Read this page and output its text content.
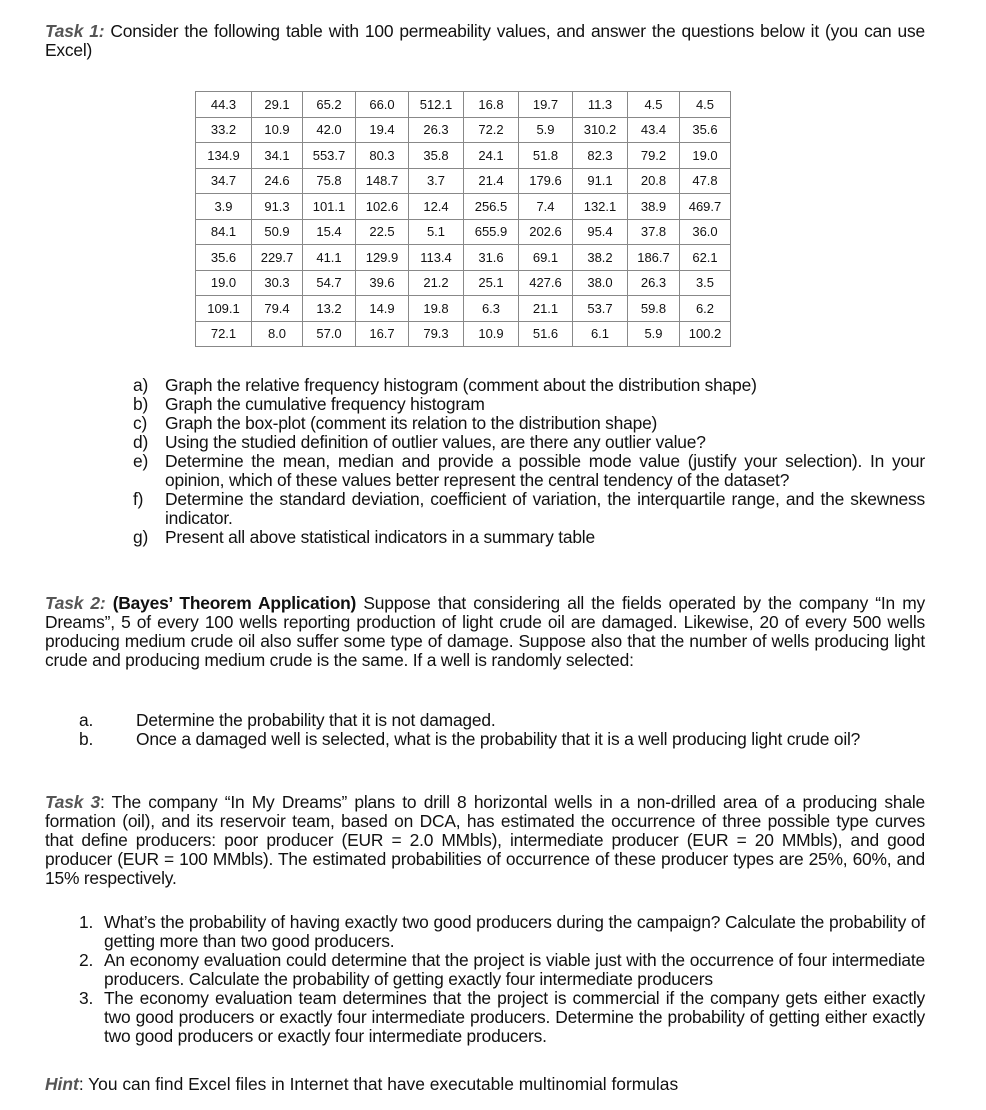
Task 1: Consider the following table with 100 permeability values, and answer the questions below it (you can use Excel)
44.3	29.1	65.2	66.0	512.1	16.8	19.7	11.3	4.5	4.5
33.2	10.9	42.0	19.4	26.3	72.2	5.9	310.2	43.4	35.6
134.9	34.1	553.7	80.3	35.8	24.1	51.8	82.3	79.2	19.0
34.7	24.6	75.8	148.7	3.7	21.4	179.6	91.1	20.8	47.8
3.9	91.3	101.1	102.6	12.4	256.5	7.4	132.1	38.9	469.7
84.1	50.9	15.4	22.5	5.1	655.9	202.6	95.4	37.8	36.0
35.6	229.7	41.1	129.9	113.4	31.6	69.1	38.2	186.7	62.1
19.0	30.3	54.7	39.6	21.2	25.1	427.6	38.0	26.3	3.5
109.1	79.4	13.2	14.9	19.8	6.3	21.1	53.7	59.8	6.2
72.1	8.0	57.0	16.7	79.3	10.9	51.6	6.1	5.9	100.2
a) Graph the relative frequency histogram (comment about the distribution shape)
b) Graph the cumulative frequency histogram
c)	Graph the box-plot (comment its relation to the distribution shape)
d) Using the studied definition of outlier values, are there any outlier value?
e) Determine the mean, median and provide a possible mode value (justify your selection). In your opinion, which of these values better represent the central tendency of the dataset?
f)	Determine the standard deviation, coefficient of variation, the interquartile range, and the skewness indicator.
g) Present all above statistical indicators in a summary table
Task 2: (Bayes’ Theorem Application) Suppose that considering all the fields operated by the company “In my Dreams”, 5 of every 100 wells reporting production of light crude oil are damaged. Likewise, 20 of every 500 wells producing medium crude oil also suffer some type of damage. Suppose also that the number of wells producing light crude and producing medium crude is the same. If a well is randomly selected:
a.	Determine the probability that it is not damaged.
b.	Once a damaged well is selected, what is the probability that it is a well producing light crude oil?
Task 3: The company “In My Dreams” plans to drill 8 horizontal wells in a non-drilled area of a producing shale formation (oil), and its reservoir team, based on DCA, has estimated the occurrence of three possible type curves that define producers: poor producer (EUR = 2.0 MMbls), intermediate producer (EUR = 20 MMbls), and good producer (EUR = 100 MMbls). The estimated probabilities of occurrence of these producer types are 25%, 60%, and 15% respectively.
1. What’s the probability of having exactly two good producers during the campaign? Calculate the probability of getting more than two good producers.
2. An economy evaluation could determine that the project is viable just with the occurrence of four intermediate producers. Calculate the probability of getting exactly four intermediate producers
3. The economy evaluation team determines that the project is commercial if the company gets either exactly two good producers or exactly four intermediate producers. Determine the probability of getting either exactly two good producers or exactly four intermediate producers.
Hint: You can find Excel files in Internet that have executable multinomial formulas
